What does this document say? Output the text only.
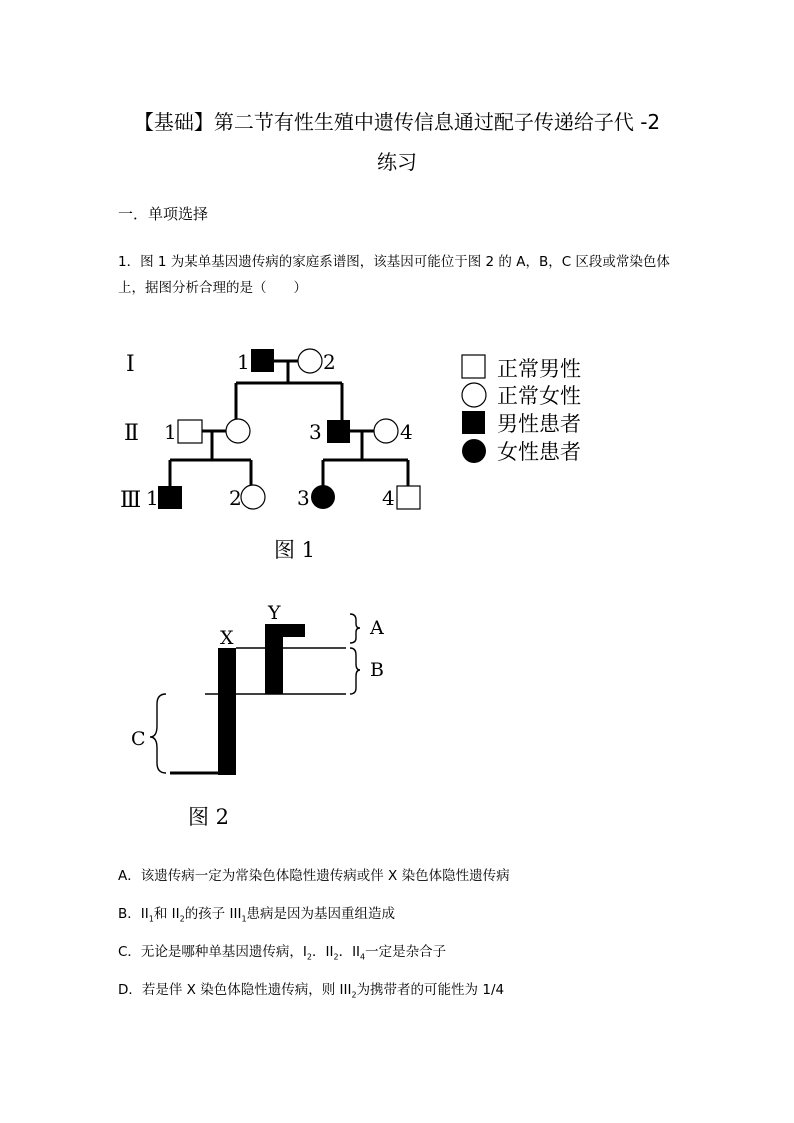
【基础】第二节有性生殖中遗传信息通过配子传递给子代 -2
练习
一．单项选择
1．图 1 为某单基因遗传病的家庭系谱图，该基因可能位于图 2 的 A，B，C 区段或常染色体上，据图分析合理的是（　　）
Ⅰ
Ⅱ
Ⅲ
1	2
1	3	4
1	2	3	4
正常男性
正常女性
男性患者
女性患者
图 1
X
Y
A
B
C
图 2
A．该遗传病一定为常染色体隐性遗传病或伴 X 染色体隐性遗传病
B．$II_1$和 $II_2$的孩子 $III_1$患病是因为基因重组造成
C．无论是哪种单基因遗传病，$I_2$．$II_2$．$II_4$一定是杂合子
D．若是伴 X 染色体隐性遗传病，则 $III_2$为携带者的可能性为 1/4
